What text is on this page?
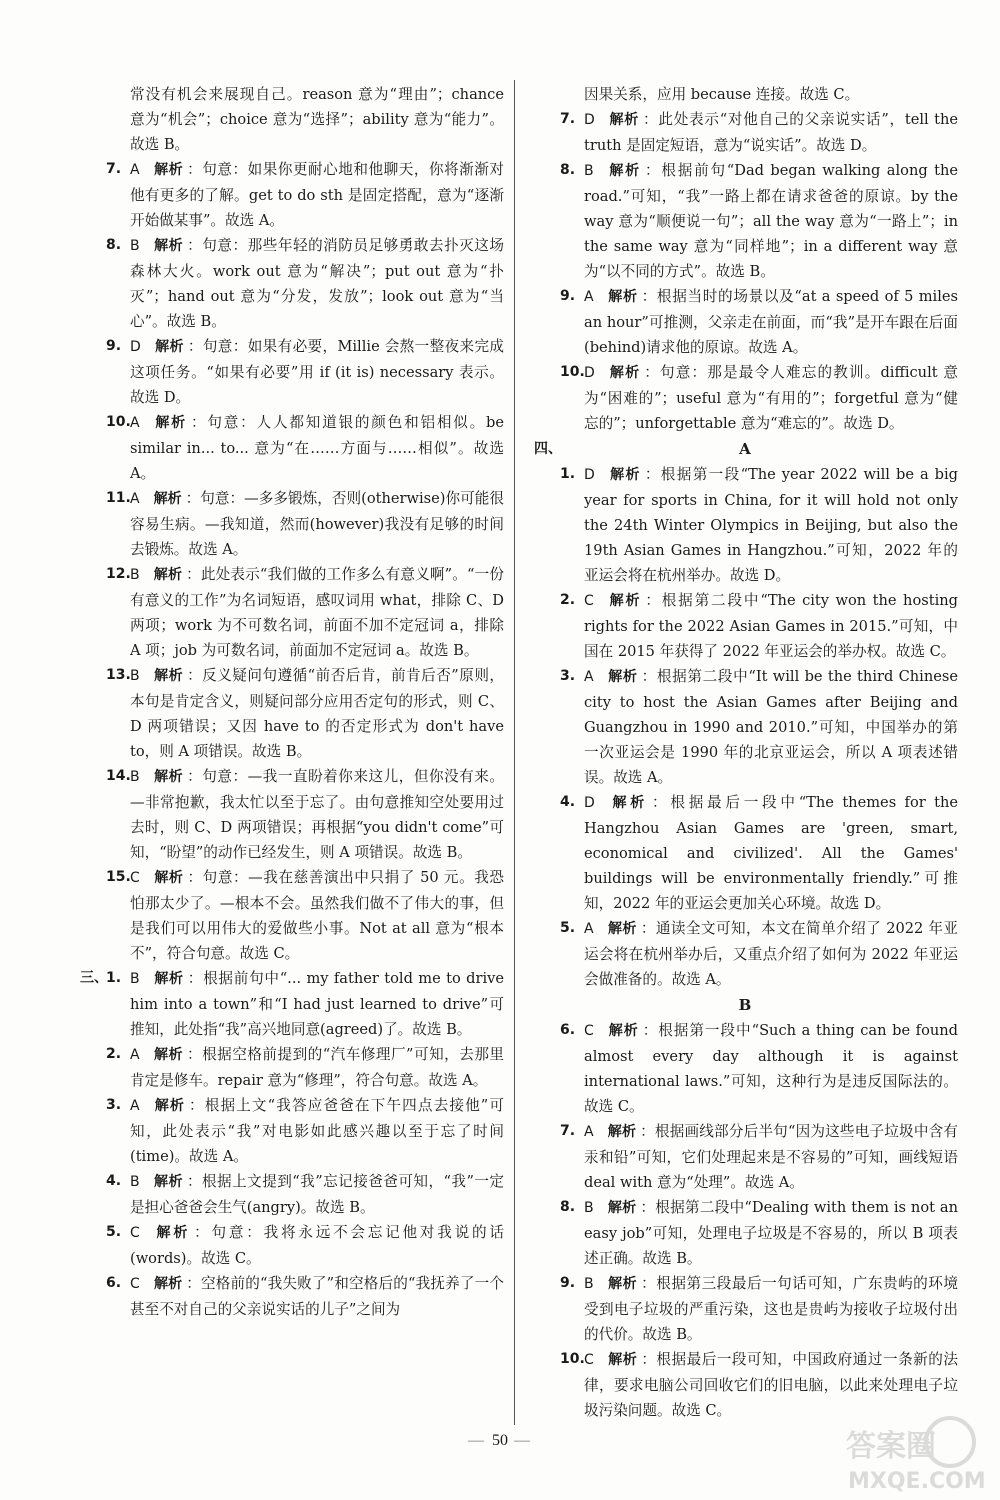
常没有机会来展现自己。reason 意为“理由”；chance 意为“机会”；choice 意为“选择”；ability 意为“能力”。故选 B。
7. A 解析 ：句意：如果你更耐心地和他聊天，你将渐渐对他有更多的了解。get to do sth 是固定搭配，意为“逐渐开始做某事”。故选 A。
8. B 解析 ：句意：那些年轻的消防员足够勇敢去扑灭这场森林大火。work out 意为“解决”；put out 意为“扑灭”；hand out 意为“分发，发放”；look out 意为“当心”。故选 B。
9. D 解析 ：句意：如果有必要，Millie 会熬一整夜来完成这项任务。“如果有必要”用 if (it is) necessary 表示。故选 D。
10. A 解析 ：句意：人人都知道银的颜色和铝相似。be similar in... to... 意为“在……方面与……相似”。故选 A。
11. A 解析 ：句意：—多多锻炼，否则(otherwise)你可能很容易生病。—我知道，然而(however)我没有足够的时间去锻炼。故选 A。
12. B 解析 ：此处表示“我们做的工作多么有意义啊”。“一份有意义的工作”为名词短语，感叹词用 what，排除 C、D 两项；work 为不可数名词，前面不加不定冠词 a，排除 A 项；job 为可数名词，前面加不定冠词 a。故选 B。
13. B 解析 ：反义疑问句遵循“前否后肯，前肯后否”原则，本句是肯定含义，则疑问部分应用否定句的形式，则 C、D 两项错误；又因 have to 的否定形式为 don't have to，则 A 项错误。故选 B。
14. B 解析 ：句意：—我一直盼着你来这儿，但你没有来。—非常抱歉，我太忙以至于忘了。由句意推知空处要用过去时，则 C、D 两项错误；再根据“you didn't come”可知，“盼望”的动作已经发生，则 A 项错误。故选 B。
15. C 解析 ：句意：—我在慈善演出中只捐了 50 元。我恐怕那太少了。—根本不会。虽然我们做不了伟大的事，但是我们可以用伟大的爱做些小事。Not at all 意为“根本不”，符合句意。故选 C。
三、
1. B 解析 ：根据前句中“... my father told me to drive him into a town”和“I had just learned to drive”可推知，此处指“我”高兴地同意(agreed)了。故选 B。
2. A 解析 ：根据空格前提到的“汽车修理厂”可知，去那里肯定是修车。repair 意为“修理”，符合句意。故选 A。
3. A 解析 ：根据上文“我答应爸爸在下午四点去接他”可知，此处表示“我”对电影如此感兴趣以至于忘了时间(time)。故选 A。
4. B 解析 ：根据上文提到“我”忘记接爸爸可知，“我”一定是担心爸爸会生气(angry)。故选 B。
5. C 解析 ：句意：我将永远不会忘记他对我说的话(words)。故选 C。
6. C 解析 ：空格前的“我失败了”和空格后的“我抚养了一个甚至不对自己的父亲说实话的儿子”之间为
因果关系，应用 because 连接。故选 C。
7. D 解析 ：此处表示“对他自己的父亲说实话”，tell the truth 是固定短语，意为“说实话”。故选 D。
8. B 解析 ：根据前句“Dad began walking along the road.”可知，“我”一路上都在请求爸爸的原谅。by the way 意为“顺便说一句”；all the way 意为“一路上”；in the same way 意为“同样地”；in a different way 意为“以不同的方式”。故选 B。
9. A 解析 ：根据当时的场景以及“at a speed of 5 miles an hour”可推测，父亲走在前面，而“我”是开车跟在后面(behind)请求他的原谅。故选 A。
10. D 解析 ：句意：那是最令人难忘的教训。difficult 意为“困难的”；useful 意为“有用的”；forgetful 意为“健忘的”；unforgettable 意为“难忘的”。故选 D。
四、	A
1. D 解析 ：根据第一段“The year 2022 will be a big year for sports in China, for it will hold not only the 24th Winter Olympics in Beijing, but also the 19th Asian Games in Hangzhou.”可知，2022 年的亚运会将在杭州举办。故选 D。
2. C 解析 ：根据第二段中“The city won the hosting rights for the 2022 Asian Games in 2015.”可知，中国在 2015 年获得了 2022 年亚运会的举办权。故选 C。
3. A 解析 ：根据第二段中“It will be the third Chinese city to host the Asian Games after Beijing and Guangzhou in 1990 and 2010.”可知，中国举办的第一次亚运会是 1990 年的北京亚运会，所以 A 项表述错误。故选 A。
4. D 解析 ：根据最后一段中“The themes for the Hangzhou Asian Games are 'green, smart, economical and civilized'. All the Games' buildings will be environmentally friendly.”可推知，2022 年的亚运会更加关心环境。故选 D。
5. A 解析 ：通读全文可知，本文在简单介绍了 2022 年亚运会将在杭州举办后，又重点介绍了如何为 2022 年亚运会做准备的。故选 A。
B
6. C 解析 ：根据第一段中“Such a thing can be found almost every day although it is against international laws.”可知，这种行为是违反国际法的。故选 C。
7. A 解析 ：根据画线部分后半句“因为这些电子垃圾中含有汞和铅”可知，它们处理起来是不容易的”可知，画线短语 deal with 意为“处理”。故选 A。
8. B 解析 ：根据第二段中“Dealing with them is not an easy job”可知，处理电子垃圾是不容易的，所以 B 项表述正确。故选 B。
9. B 解析 ：根据第三段最后一句话可知，广东贵屿的环境受到电子垃圾的严重污染，这也是贵屿为接收子垃圾付出的代价。故选 B。
10. C 解析 ：根据最后一段可知，中国政府通过一条新的法律，要求电脑公司回收它们的旧电脑，以此来处理电子垃圾污染问题。故选 C。
— 50 —	答案圈
MXQE.COM
